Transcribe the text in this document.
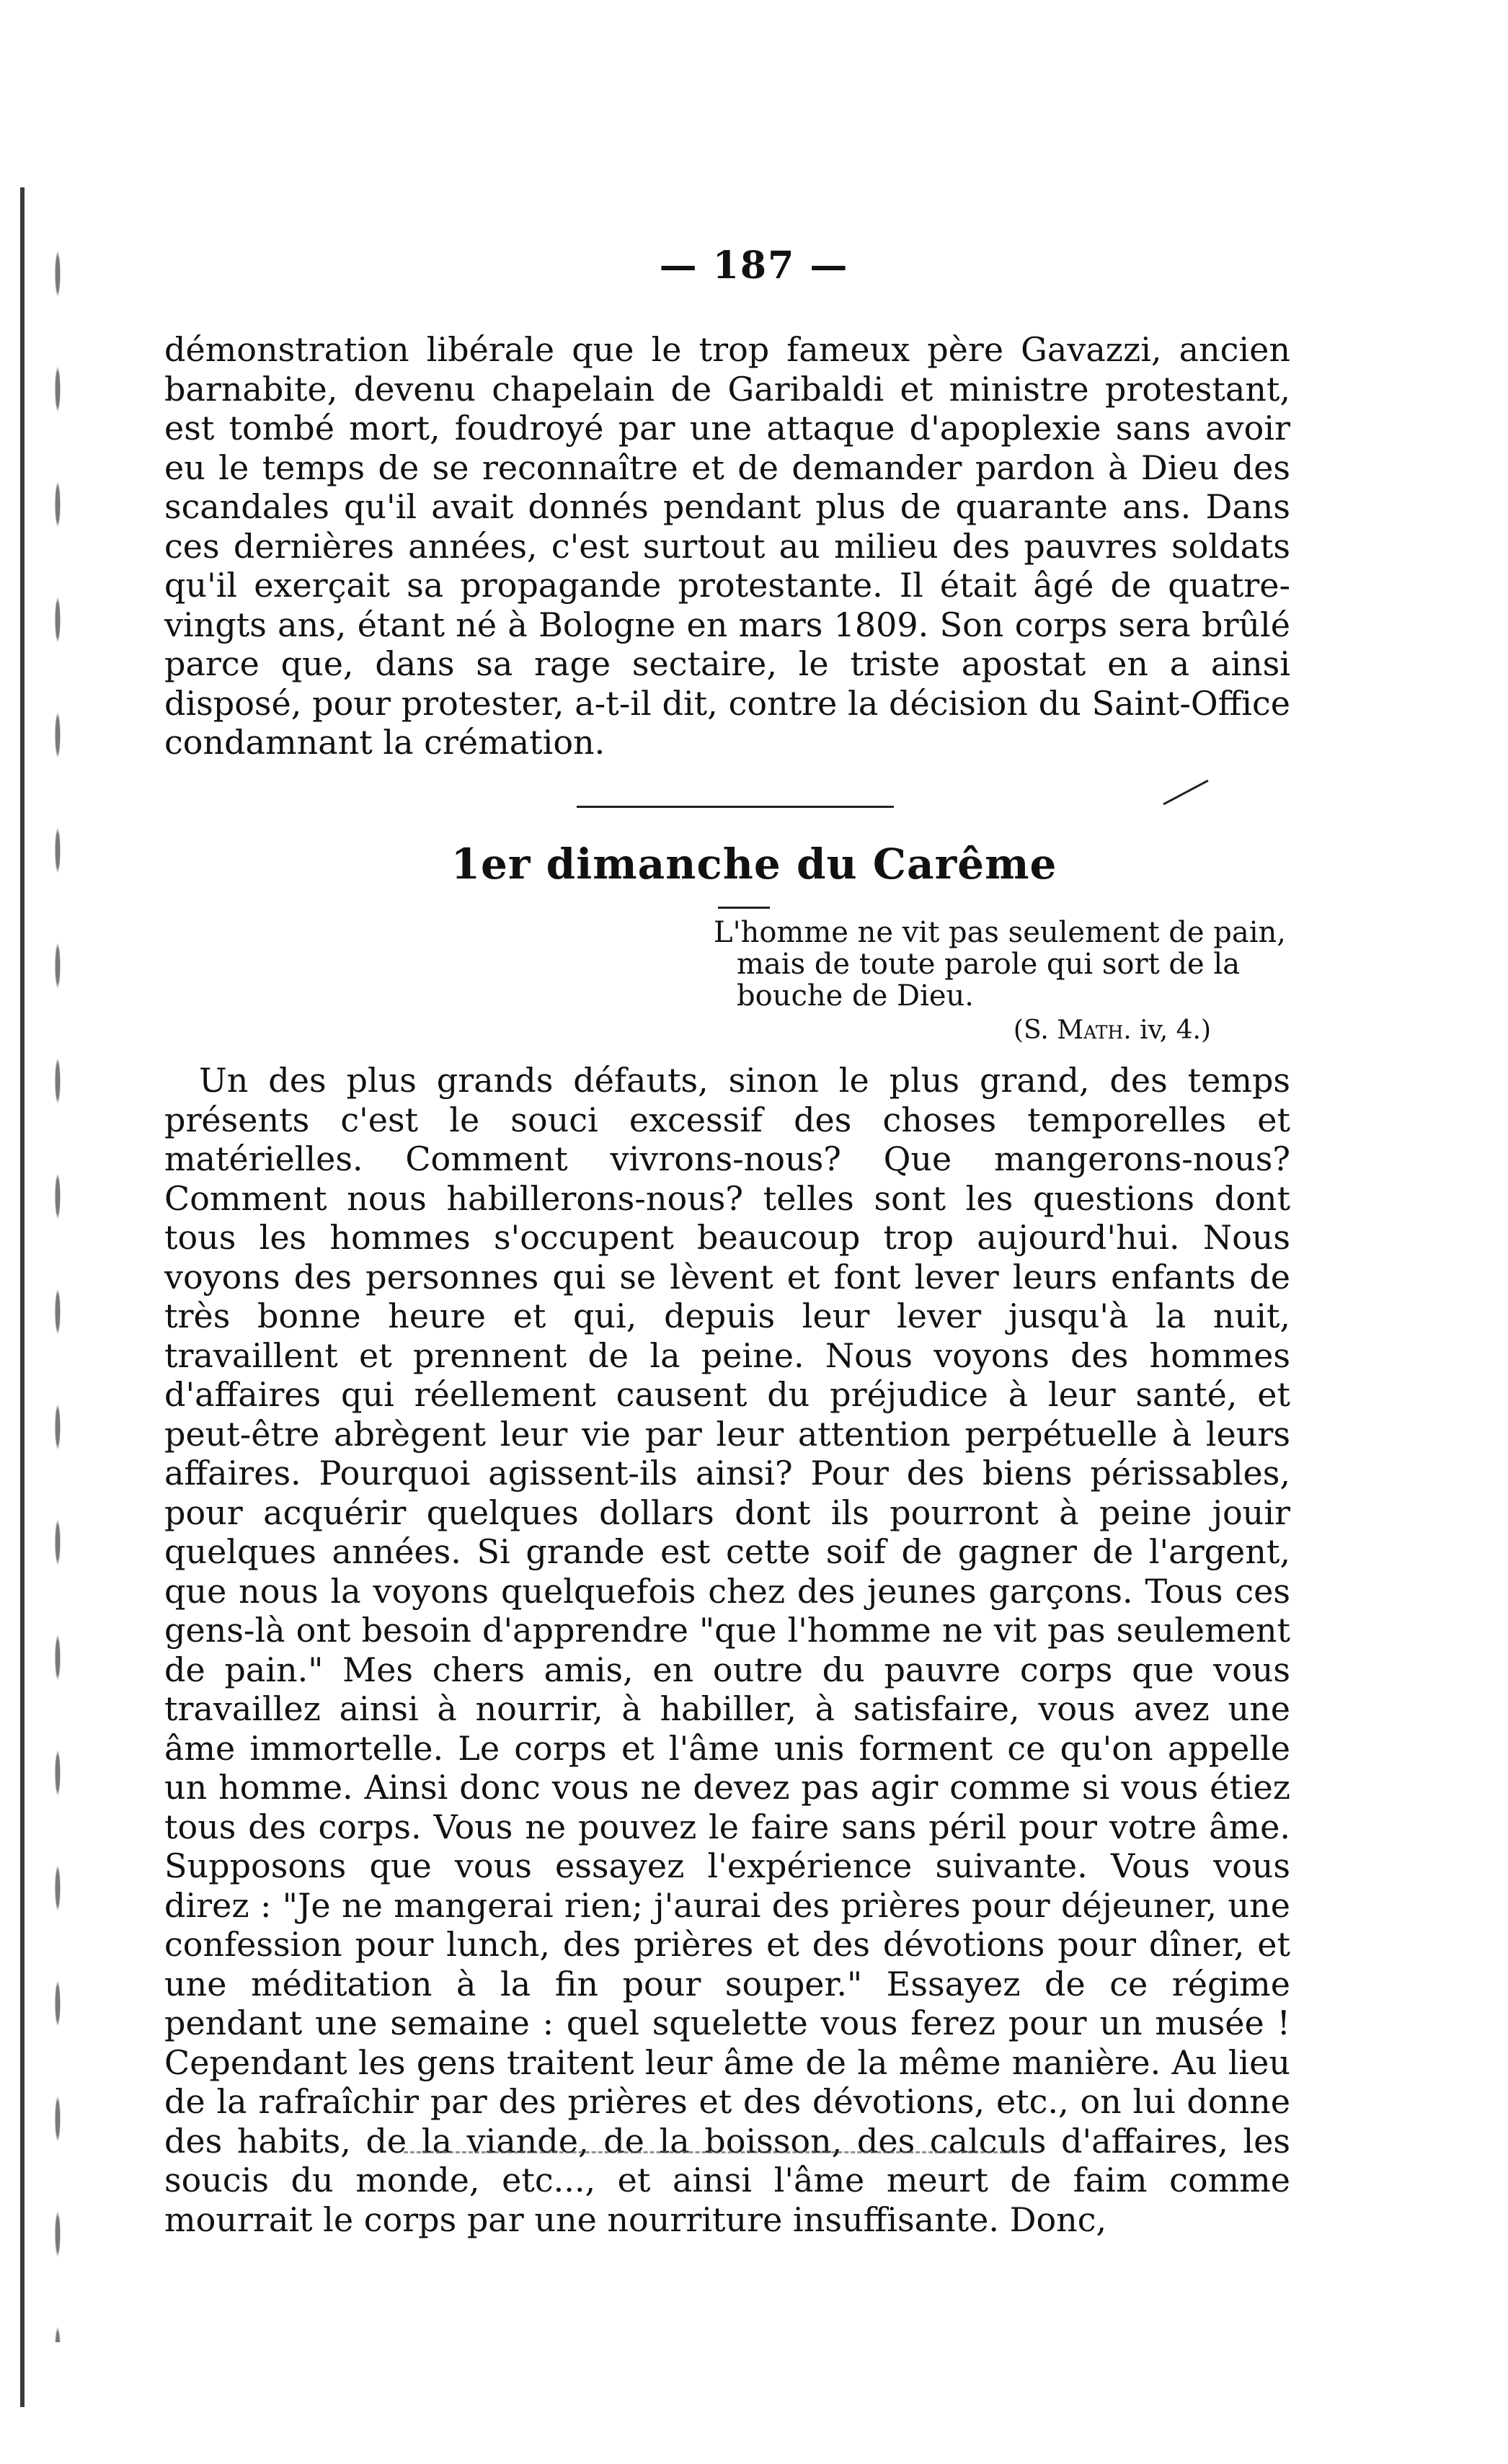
— 187 —

démonstration libérale que le trop fameux père Gavazzi, ancien barnabite, devenu chapelain de Garibaldi et ministre protestant, est tombé mort, foudroyé par une attaque d'apoplexie sans avoir eu le temps de se reconnaître et de demander pardon à Dieu des scandales qu'il avait donnés pendant plus de quarante ans. Dans ces dernières années, c'est surtout au milieu des pauvres soldats qu'il exerçait sa propagande protestante. Il était âgé de quatre-vingts ans, étant né à Bologne en mars 1809. Son corps sera brûlé parce que, dans sa rage sectaire, le triste apostat en a ainsi disposé, pour protester, a-t-il dit, contre la décision du Saint-Office condamnant la crémation.

1er dimanche du Carême
L'homme ne vit pas seulement de pain,
mais de toute parole qui sort de la
bouche de Dieu.
(S. Math. iv, 4.)

Un des plus grands défauts, sinon le plus grand, des temps présents c'est le souci excessif des choses temporelles et matérielles. Comment vivrons-nous? Que mangerons-nous? Comment nous habillerons-nous? telles sont les questions dont tous les hommes s'occupent beaucoup trop aujourd'hui. Nous voyons des personnes qui se lèvent et font lever leurs enfants de très bonne heure et qui, depuis leur lever jusqu'à la nuit, travaillent et prennent de la peine. Nous voyons des hommes d'affaires qui réellement causent du préjudice à leur santé, et peut-être abrègent leur vie par leur attention perpétuelle à leurs affaires. Pourquoi agissent-ils ainsi? Pour des biens périssables, pour acquérir quelques dollars dont ils pourront à peine jouir quelques années. Si grande est cette soif de gagner de l'argent, que nous la voyons quelquefois chez des jeunes garçons. Tous ces gens-là ont besoin d'apprendre "que l'homme ne vit pas seulement de pain." Mes chers amis, en outre du pauvre corps que vous travaillez ainsi à nourrir, à habiller, à satisfaire, vous avez une âme immortelle. Le corps et l'âme unis forment ce qu'on appelle un homme. Ainsi donc vous ne devez pas agir comme si vous étiez tous des corps. Vous ne pouvez le faire sans péril pour votre âme. Supposons que vous essayez l'expérience suivante. Vous vous direz : "Je ne mangerai rien; j'aurai des prières pour déjeuner, une confession pour lunch, des prières et des dévotions pour dîner, et une méditation à la fin pour souper." Essayez de ce régime pendant une semaine : quel squelette vous ferez pour un musée ! Cependant les gens traitent leur âme de la même manière. Au lieu de la rafraîchir par des prières et des dévotions, etc., on lui donne des habits, de la viande, de la boisson, des calculs d'affaires, les soucis du monde, etc..., et ainsi l'âme meurt de faim comme mourrait le corps par une nourriture insuffisante. Donc,
